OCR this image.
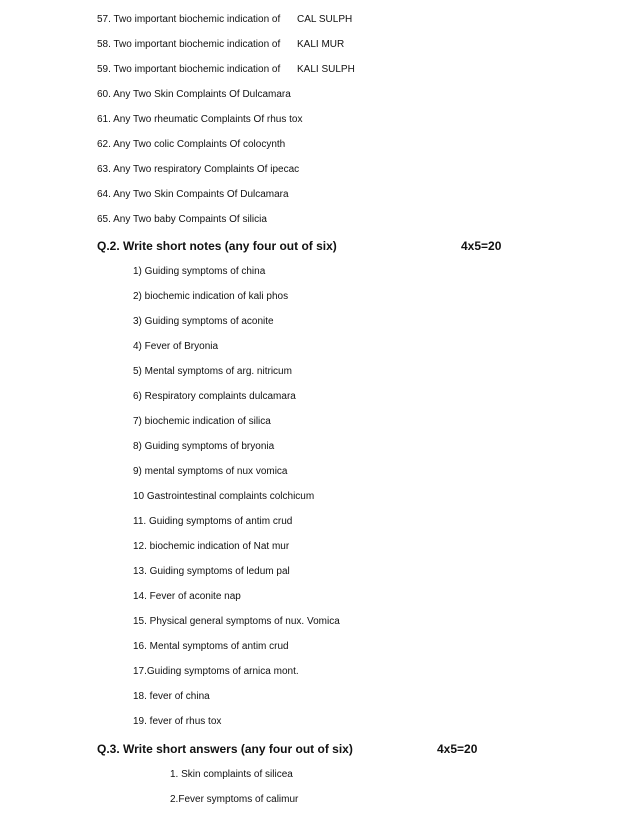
57. Two important biochemic indication of CAL SULPH
58. Two important biochemic indication of KALI MUR
59. Two important biochemic indication of KALI SULPH
60. Any Two Skin Complaints Of Dulcamara
61. Any Two rheumatic Complaints Of rhus tox
62. Any Two colic Complaints Of colocynth
63. Any Two respiratory Complaints Of ipecac
64. Any Two Skin Compaints Of Dulcamara
65. Any Two baby Compaints Of silicia
Q.2. Write short notes (any four out of six)	4x5=20
1) Guiding symptoms of china
2) biochemic indication of kali phos
3) Guiding symptoms of aconite
4) Fever of Bryonia
5) Mental symptoms of arg. nitricum
6) Respiratory complaints dulcamara
7) biochemic indication of silica
8) Guiding symptoms of bryonia
9) mental symptoms of nux vomica
10 Gastrointestinal complaints colchicum
11. Guiding symptoms of antim crud
12. biochemic indication of Nat mur
13. Guiding symptoms of ledum pal
14. Fever of aconite nap
15. Physical general symptoms of nux. Vomica
16. Mental symptoms of antim crud
17.Guiding symptoms of arnica mont.
18. fever of china
19. fever of rhus tox
Q.3. Write short answers (any four out of six)	4x5=20
1. Skin complaints of silicea
2.Fever symptoms of calimur
